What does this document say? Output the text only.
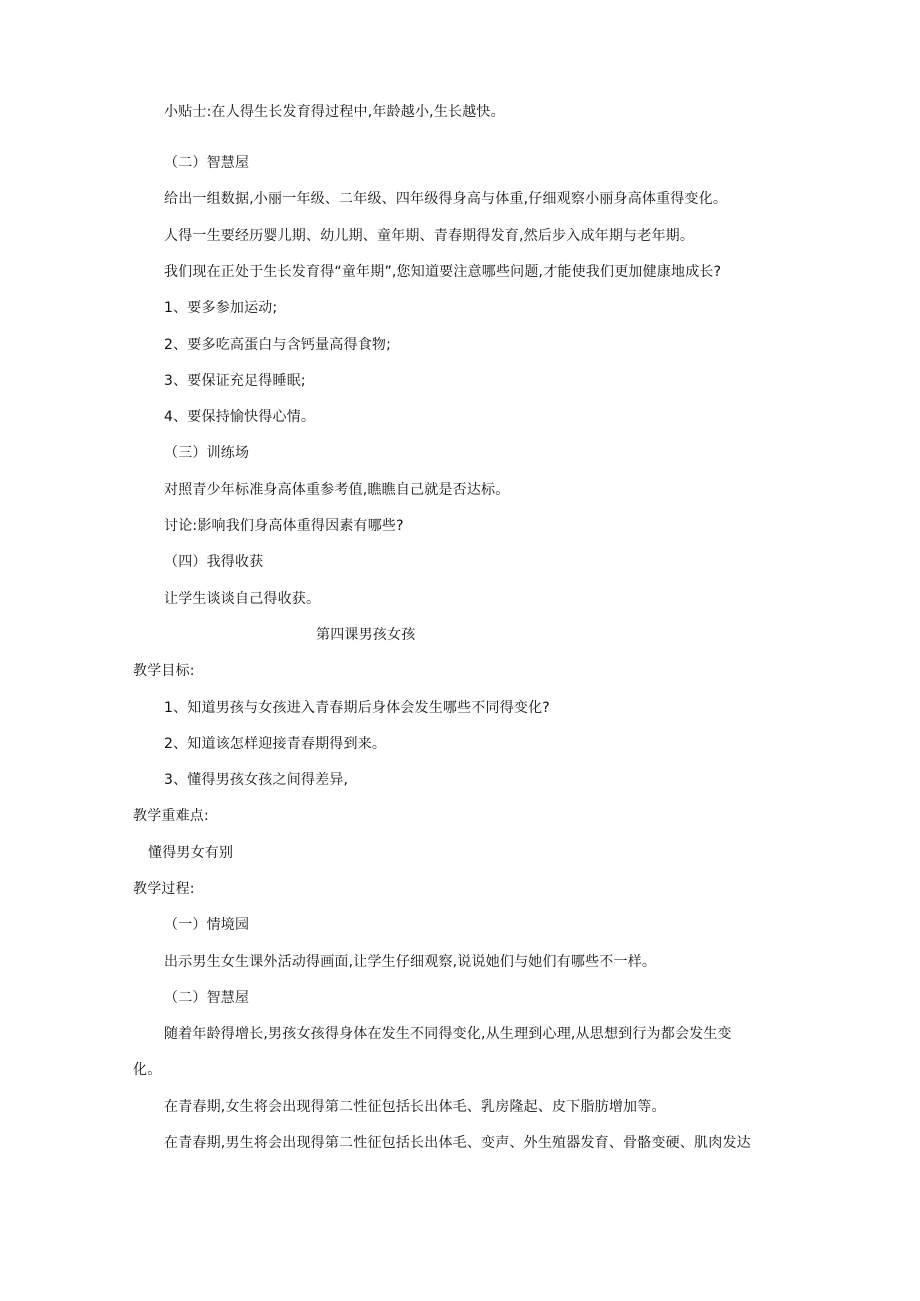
小贴士:在人得生长发育得过程中,年龄越小,生长越快。
（二）智慧屋
给出一组数据,小丽一年级、二年级、四年级得身高与体重,仔细观察小丽身高体重得变化。
人得一生要经历婴儿期、幼儿期、童年期、青春期得发育,然后步入成年期与老年期。
我们现在正处于生长发育得“童年期”,您知道要注意哪些问题,才能使我们更加健康地成长?
1、要多参加运动;
2、要多吃高蛋白与含钙量高得食物;
3、要保证充足得睡眠;
4、要保持愉快得心情。
（三）训练场
对照青少年标准身高体重参考值,瞧瞧自己就是否达标。
讨论:影响我们身高体重得因素有哪些?
（四）我得收获
让学生谈谈自己得收获。
第四课男孩女孩
教学目标:
1、知道男孩与女孩进入青春期后身体会发生哪些不同得变化?
2、知道该怎样迎接青春期得到来。
3、懂得男孩女孩之间得差异,
教学重难点:
懂得男女有别
教学过程:
（一）情境园
出示男生女生课外活动得画面,让学生仔细观察,说说她们与她们有哪些不一样。
（二）智慧屋
随着年龄得增长,男孩女孩得身体在发生不同得变化,从生理到心理,从思想到行为都会发生变
化。
在青春期,女生将会出现得第二性征包括长出体毛、乳房隆起、皮下脂肪增加等。
在青春期,男生将会出现得第二性征包括长出体毛、变声、外生殖器发育、骨骼变硬、肌肉发达
